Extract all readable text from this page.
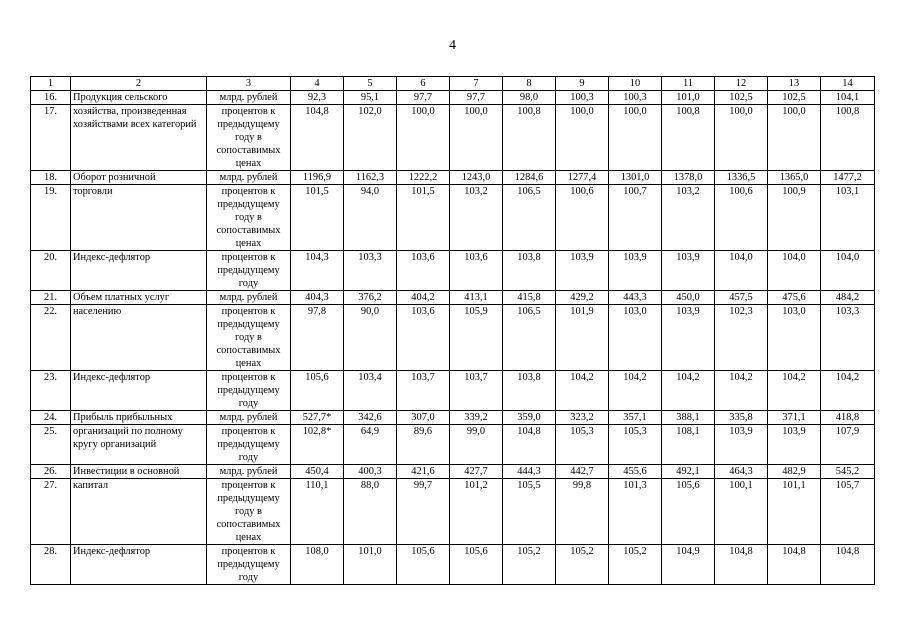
4
1	2	3	4	5	6	7	8	9	10	11	12	13	14
16.	Продукция сельского	млрд. рублей	92,3	95,1	97,7	97,7	98,0	100,3	100,3	101,0	102,5	102,5	104,1
17.	хозяйства, произведенная хозяйствами всех категорий	процентов к предыдущему году в сопоставимых ценах	104,8	102,0	100,0	100,0	100,8	100,0	100,0	100,8	100,0	100,0	100,8
18.	Оборот розничной	млрд. рублей	1196,9	1162,3	1222,2	1243,0	1284,6	1277,4	1301,0	1378,0	1336,5	1365,0	1477,2
19.	торговли	процентов к предыдущему году в сопоставимых ценах	101,5	94,0	101,5	103,2	106,5	100,6	100,7	103,2	100,6	100,9	103,1
20.	Индекс-дефлятор	процентов к предыдущему году	104,3	103,3	103,6	103,6	103,8	103,9	103,9	103,9	104,0	104,0	104,0
21.	Объем платных услуг	млрд. рублей	404,3	376,2	404,2	413,1	415,8	429,2	443,3	450,0	457,5	475,6	484,2
22.	населению	процентов к предыдущему году в сопоставимых ценах	97,8	90,0	103,6	105,9	106,5	101,9	103,0	103,9	102,3	103,0	103,3
23.	Индекс-дефлятор	процентов к предыдущему году	105,6	103,4	103,7	103,7	103,8	104,2	104,2	104,2	104,2	104,2	104,2
24.	Прибыль прибыльных	млрд. рублей	527,7*	342,6	307,0	339,2	359,0	323,2	357,1	388,1	335,8	371,1	418,8
25.	организаций по полному кругу организаций	процентов к предыдущему году	102,8*	64,9	89,6	99,0	104,8	105,3	105,3	108,1	103,9	103,9	107,9
26.	Инвестиции в основной	млрд. рублей	450,4	400,3	421,6	427,7	444,3	442,7	455,6	492,1	464,3	482,9	545,2
27.	капитал	процентов к предыдущему году в сопоставимых ценах	110,1	88,0	99,7	101,2	105,5	99,8	101,3	105,6	100,1	101,1	105,7
28.	Индекс-дефлятор	процентов к предыдущему году	108,0	101,0	105,6	105,6	105,2	105,2	105,2	104,9	104,8	104,8	104,8
